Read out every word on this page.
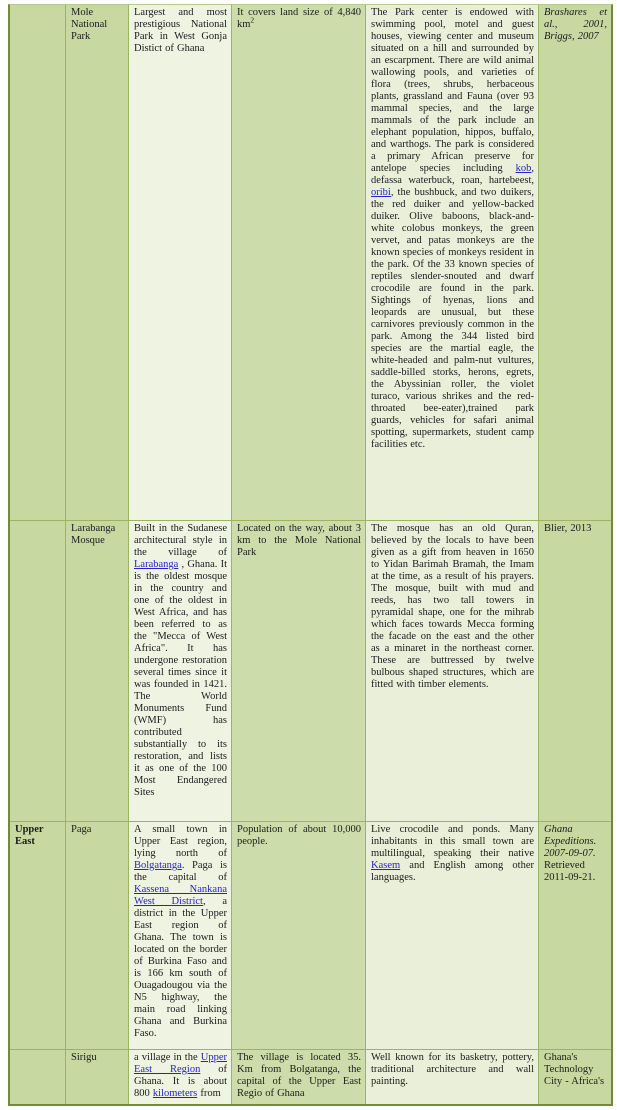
Mole National Park
Largest and most prestigious National Park in West Gonja Distict of Ghana
It covers land size of 4,840 $km^2$
The Park center is endowed with swimming pool, motel and guest houses, viewing center and museum situated on a hill and surrounded by an escarpment. There are wild animal wallowing pools, and varieties of flora (trees, shrubs, herbaceous plants, grassland and Fauna (over 93 mammal species, and the large mammals of the park include an elephant population, hippos, buffalo, and warthogs. The park is considered a primary African preserve for antelope species including kob, defassa waterbuck, roan, hartebeest, oribi, the bushbuck, and two duikers, the red duiker and yellow-backed duiker. Olive baboons, black-and-white colobus monkeys, the green vervet, and patas monkeys are the known species of monkeys resident in the park. Of the 33 known species of reptiles slender-snouted and dwarf crocodile are found in the park. Sightings of hyenas, lions and leopards are unusual, but these carnivores previously common in the park. Among the 344 listed bird species are the martial eagle, the white-headed and palm-nut vultures, saddle-billed storks, herons, egrets, the Abyssinian roller, the violet turaco, various shrikes and the red-throated bee-eater),trained park guards, vehicles for safari animal spotting, supermarkets, student camp facilities etc.
Brashares et al., 2001, Briggs, 2007
Larabanga Mosque
Built in the Sudanese architectural style in the village of Larabanga , Ghana. It is the oldest mosque in the country and one of the oldest in West Africa, and has been referred to as the "Mecca of West Africa". It has undergone restoration several times since it was founded in 1421. The World Monuments Fund (WMF) has contributed substantially to its restoration, and lists it as one of the 100 Most Endangered Sites
Located on the way, about 3 km to the Mole National Park
The mosque has an old Quran, believed by the locals to have been given as a gift from heaven in 1650 to Yidan Barimah Bramah, the Imam at the time, as a result of his prayers. The mosque, built with mud and reeds, has two tall towers in pyramidal shape, one for the mihrab which faces towards Mecca forming the facade on the east and the other as a minaret in the northeast corner. These are buttressed by twelve bulbous shaped structures, which are fitted with timber elements.
Blier, 2013
Upper East
Paga	A small town in Upper East region, lying north of Bolgatanga. Paga is the capital of Kassena Nankana West District, a district in the Upper East region of Ghana. The town is located on the border of Burkina Faso and is 166 km south of Ouagadougou via the N5 highway, the main road linking Ghana and Burkina Faso.
Population of about 10,000 people.
Live crocodile and ponds. Many inhabitants in this small town are multilingual, speaking their native Kasem and English among other languages.
Ghana Expeditions. 2007-09-07. Retrieved 2011-09-21.
Sirigu	a village in the Upper East Region of Ghana. It is about 800 kilometers from
The village is located 35. Km from Bolgatanga, the capital of the Upper East Regio of Ghana
Well known for its basketry, pottery, traditional architecture and wall painting.
Ghana's Technology City - Africa's
